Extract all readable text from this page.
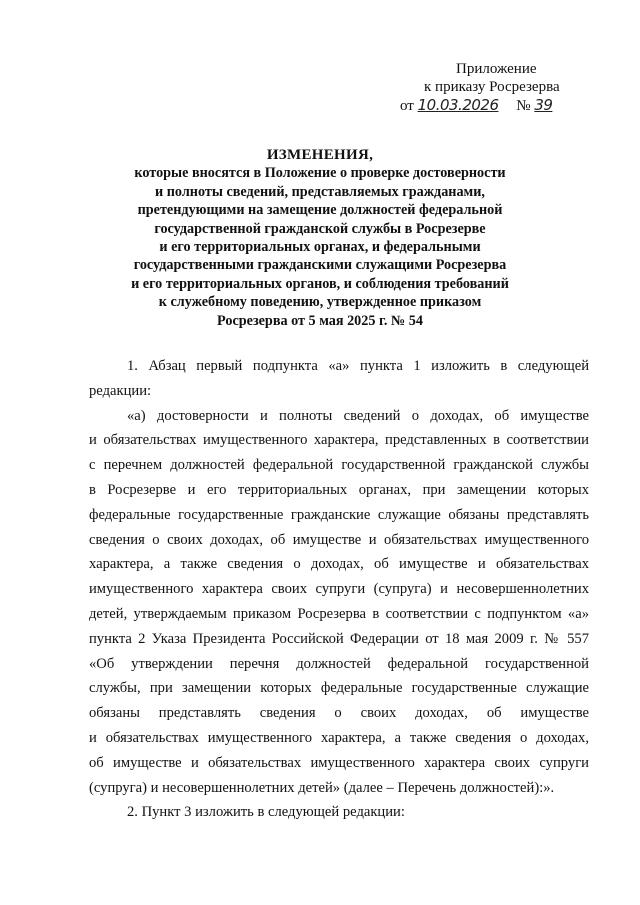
Приложение
к приказу Росрезерва
от 10.03.2026 № 39
ИЗМЕНЕНИЯ,
которые вносятся в Положение о проверке достоверности
и полноты сведений, представляемых гражданами,
претендующими на замещение должностей федеральной
государственной гражданской службы в Росрезерве
и его территориальных органах, и федеральными
государственными гражданскими служащими Росрезерва
и его территориальных органов, и соблюдения требований
к служебному поведению, утвержденное приказом
Росрезерва от 5 мая 2025 г. № 54
1. Абзац первый подпункта «а» пункта 1 изложить в следующей
редакции:
«а) достоверности и полноты сведений о доходах, об имуществе
и обязательствах имущественного характера, представленных в соответствии
с перечнем должностей федеральной государственной гражданской службы
в Росрезерве и его территориальных органах, при замещении которых
федеральные государственные гражданские служащие обязаны представлять
сведения о своих доходах, об имуществе и обязательствах имущественного
характера, а также сведения о доходах, об имуществе и обязательствах
имущественного характера своих супруги (супруга) и несовершеннолетних
детей, утверждаемым приказом Росрезерва в соответствии с подпунктом «а»
пункта 2 Указа Президента Российской Федерации от 18 мая 2009 г. № 557
«Об утверждении перечня должностей федеральной государственной
службы, при замещении которых федеральные государственные служащие
обязаны представлять сведения о своих доходах, об имуществе
и обязательствах имущественного характера, а также сведения о доходах,
об имуществе и обязательствах имущественного характера своих супруги
(супруга) и несовершеннолетних детей» (далее – Перечень должностей):».
2. Пункт 3 изложить в следующей редакции:
